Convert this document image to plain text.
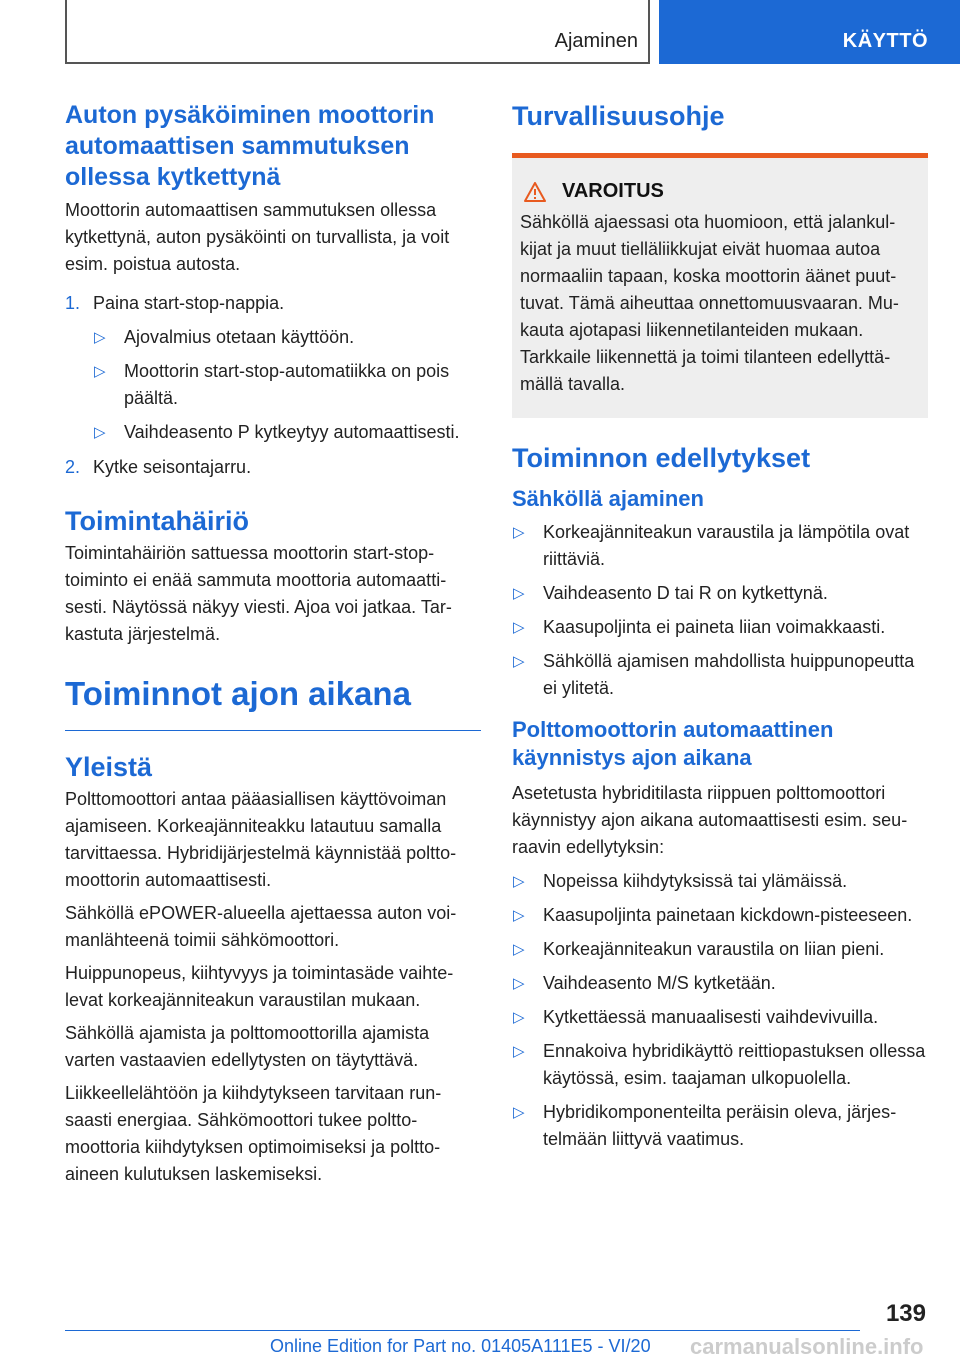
Ajaminen	KÄYTTÖ
Auton pysäköiminen moottorin automaattisen sammutuksen ollessa kytkettynä

Moottorin automaattisen sammutuksen ollessa kytkettynä, auton pysäköinti on turvallista, ja voit esim. poistua autosta.

1. Paina start-stop-nappia.
▷	Ajovalmius otetaan käyttöön.
▷	Moottorin start-stop-automatiikka on pois päältä.
▷	Vaihdeasento P kytkeytyy automaattisesti.
2. Kytke seisontajarru.
Toimintahäiriö

Toimintahäiriön sattuessa moottorin start-stop-toiminto ei enää sammuta moottoria automaattisesti. Näytössä näkyy viesti. Ajoa voi jatkaa. Tarkastuta järjestelmä.

Toiminnot ajon aikana
Yleistä

Polttomoottori antaa pääasiallisen käyttövoiman ajamiseen. Korkeajänniteakku latautuu samalla tarvittaessa. Hybridijärjestelmä käynnistää polttomoottorin automaattisesti.

Sähköllä ePOWER-alueella ajettaessa auton voimanlähteenä toimii sähkömoottori.

Huippunopeus, kiihtyvyys ja toimintasäde vaihtelevat korkeajänniteakun varaustilan mukaan.

Sähköllä ajamista ja polttomoottorilla ajamista varten vastaavien edellytysten on täytyttävä.

Liikkeellelähtöön ja kiihdytykseen tarvitaan runsaasti energiaa. Sähkömoottori tukee polttomoottoria kiihdytyksen optimoimiseksi ja polttoaineen kulutuksen laskemiseksi.

Turvallisuusohje
VAROITUS

Sähköllä ajaessasi ota huomioon, että jalankulkijat ja muut tielläliikkujat eivät huomaa autoa normaaliin tapaan, koska moottorin äänet puuttuvat. Tämä aiheuttaa onnettomuusvaaran. Mukauta ajotapasi liikennetilanteiden mukaan. Tarkkaile liikennettä ja toimi tilanteen edellyttämällä tavalla.

Toiminnon edellytykset
Sähköllä ajaminen
▷	Korkeajänniteakun varaustila ja lämpötila ovat riittäviä.
▷	Vaihdeasento D tai R on kytkettynä.
▷	Kaasupoljinta ei paineta liian voimakkaasti.
▷	Sähköllä ajamisen mahdollista huippunopeutta ei ylitetä.
Polttomoottorin automaattinen käynnistys ajon aikana

Asetetusta hybriditilasta riippuen polttomoottori käynnistyy ajon aikana automaattisesti esim. seuraavin edellytyksin:

▷	Nopeissa kiihdytyksissä tai ylämäissä.
▷	Kaasupoljinta painetaan kickdown-pisteeseen.
▷	Korkeajänniteakun varaustila on liian pieni.
▷	Vaihdeasento M/S kytketään.
▷	Kytkettäessä manuaalisesti vaihdevivuilla.
▷	Ennakoiva hybridikäyttö reittiopastuksen ollessa käytössä, esim. taajaman ulkopuolella.
▷	Hybridikomponenteilta peräisin oleva, järjestelmään liittyvä vaatimus.
139
Online Edition for Part no. 01405A111E5 - VI/20 carmanualsonline.info
